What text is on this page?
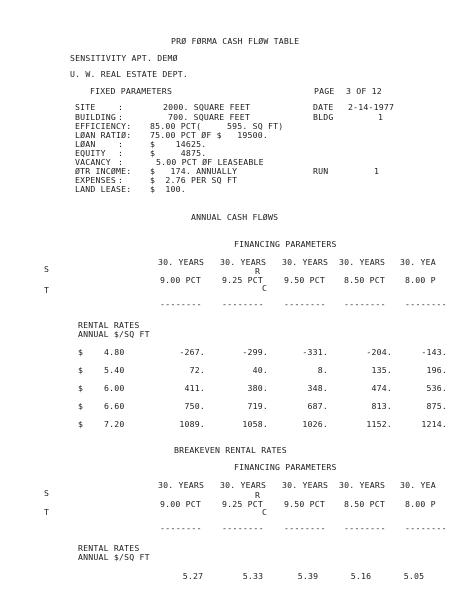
PRØ FØRMA CASH FLØW TABLE
SENSITIVITY APT. DEMØ
U. W. REAL ESTATE DEPT.
FIXED PARAMETERS	PAGE 3 OF 12
SITE	:	2000. SQUARE FEET	DATE 2-14-1977
BUILDING :	700. SQUARE FEET	BLDG	1
EFFICIENCY: 85.00 PCT(     595. SQ FT)
LØAN RATIØ: 75.00 PCT ØF $   19500.
LØAN	:	$    14625.
EQUITY :	$     4875.
VACANCY :	5.00 PCT ØF LEASEABLE
ØTR INCØME: $   174. ANNUALLY	RUN	1
EXPENSES :	$  2.76 PER SQ FT
LAND LEASE: $  100.
ANNUAL CASH FLØWS
FINANCING PARAMETERS
S
T
R
C
30. YEARS 30. YEARS 30. YEARS 30. YEARS 30. YEA
9.00 PCT	9.25 PCT	9.50 PCT 8.50 PCT 8.00 P
-------- -------- -------- -------- --------
RENTAL RATES
ANNUAL $/SQ FT
$	4.80	-267.	-299.	-331.	-204.	-143.
$	5.40	72.	40.	8.	135.	196.
$	6.00	411.	380.	348.	474.	536.
$	6.60	750.	719.	687.	813.	875.
$	7.20	1089.	1058.	1026.	1152.	1214.
BREAKEVEN RENTAL RATES
FINANCING PARAMETERS
S
T
R
C
30. YEARS 30. YEARS 30. YEARS 30. YEARS 30. YEA
9.00 PCT	9.25 PCT	9.50 PCT 8.50 PCT 8.00 P
-------- -------- -------- -------- --------
RENTAL RATES
ANNUAL $/SQ FT
5.27	5.33	5.39	5.16	5.05
